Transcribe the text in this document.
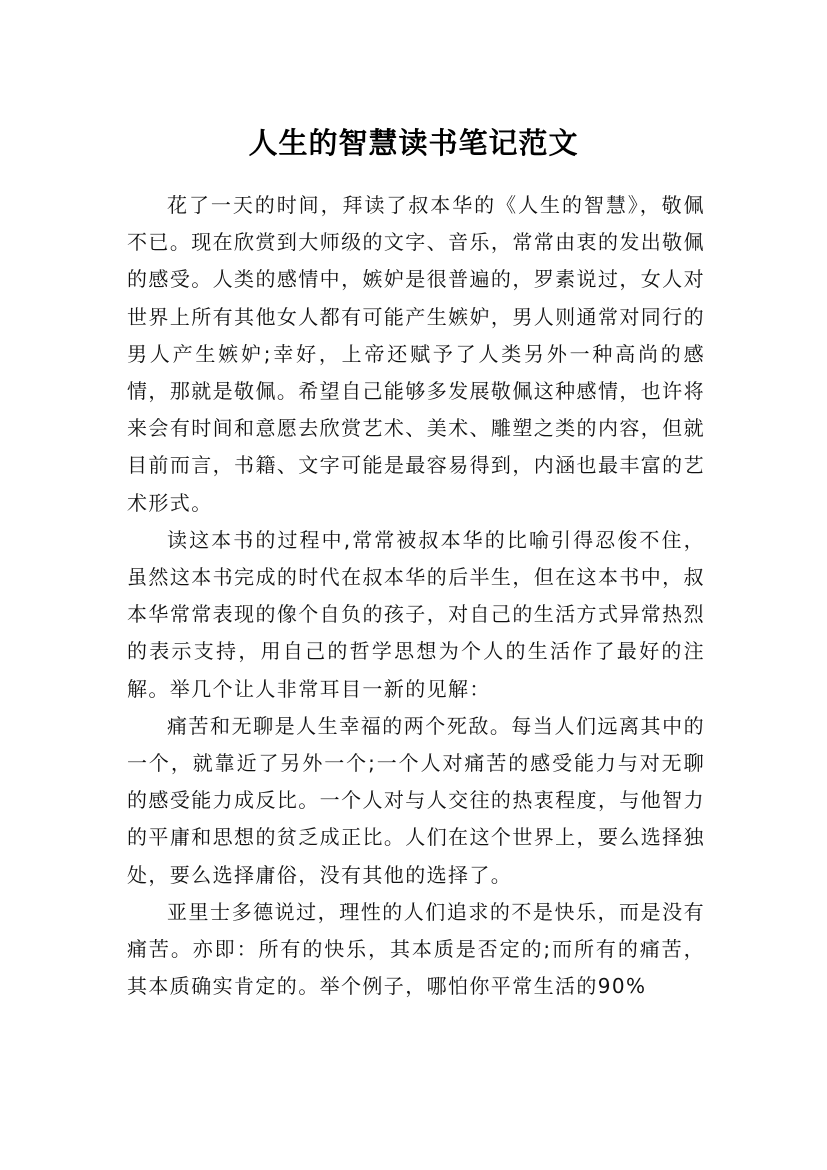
人生的智慧读书笔记范文

花了一天的时间，拜读了叔本华的《人生的智慧》，敬佩不已。现在欣赏到大师级的文字、音乐，常常由衷的发出敬佩的感受。人类的感情中，嫉妒是很普遍的，罗素说过，女人对世界上所有其他女人都有可能产生嫉妒，男人则通常对同行的男人产生嫉妒;幸好，上帝还赋予了人类另外一种高尚的感情，那就是敬佩。希望自己能够多发展敬佩这种感情，也许将来会有时间和意愿去欣赏艺术、美术、雕塑之类的内容，但就目前而言，书籍、文字可能是最容易得到，内涵也最丰富的艺术形式。

读这本书的过程中,常常被叔本华的比喻引得忍俊不住，虽然这本书完成的时代在叔本华的后半生，但在这本书中，叔本华常常表现的像个自负的孩子，对自己的生活方式异常热烈的表示支持，用自己的哲学思想为个人的生活作了最好的注解。举几个让人非常耳目一新的见解：

痛苦和无聊是人生幸福的两个死敌。每当人们远离其中的一个，就靠近了另外一个;一个人对痛苦的感受能力与对无聊的感受能力成反比。一个人对与人交往的热衷程度，与他智力的平庸和思想的贫乏成正比。人们在这个世界上，要么选择独处，要么选择庸俗，没有其他的选择了。

亚里士多德说过，理性的人们追求的不是快乐，而是没有痛苦。亦即：所有的快乐，其本质是否定的;而所有的痛苦，其本质确实肯定的。举个例子，哪怕你平常生活的90%
